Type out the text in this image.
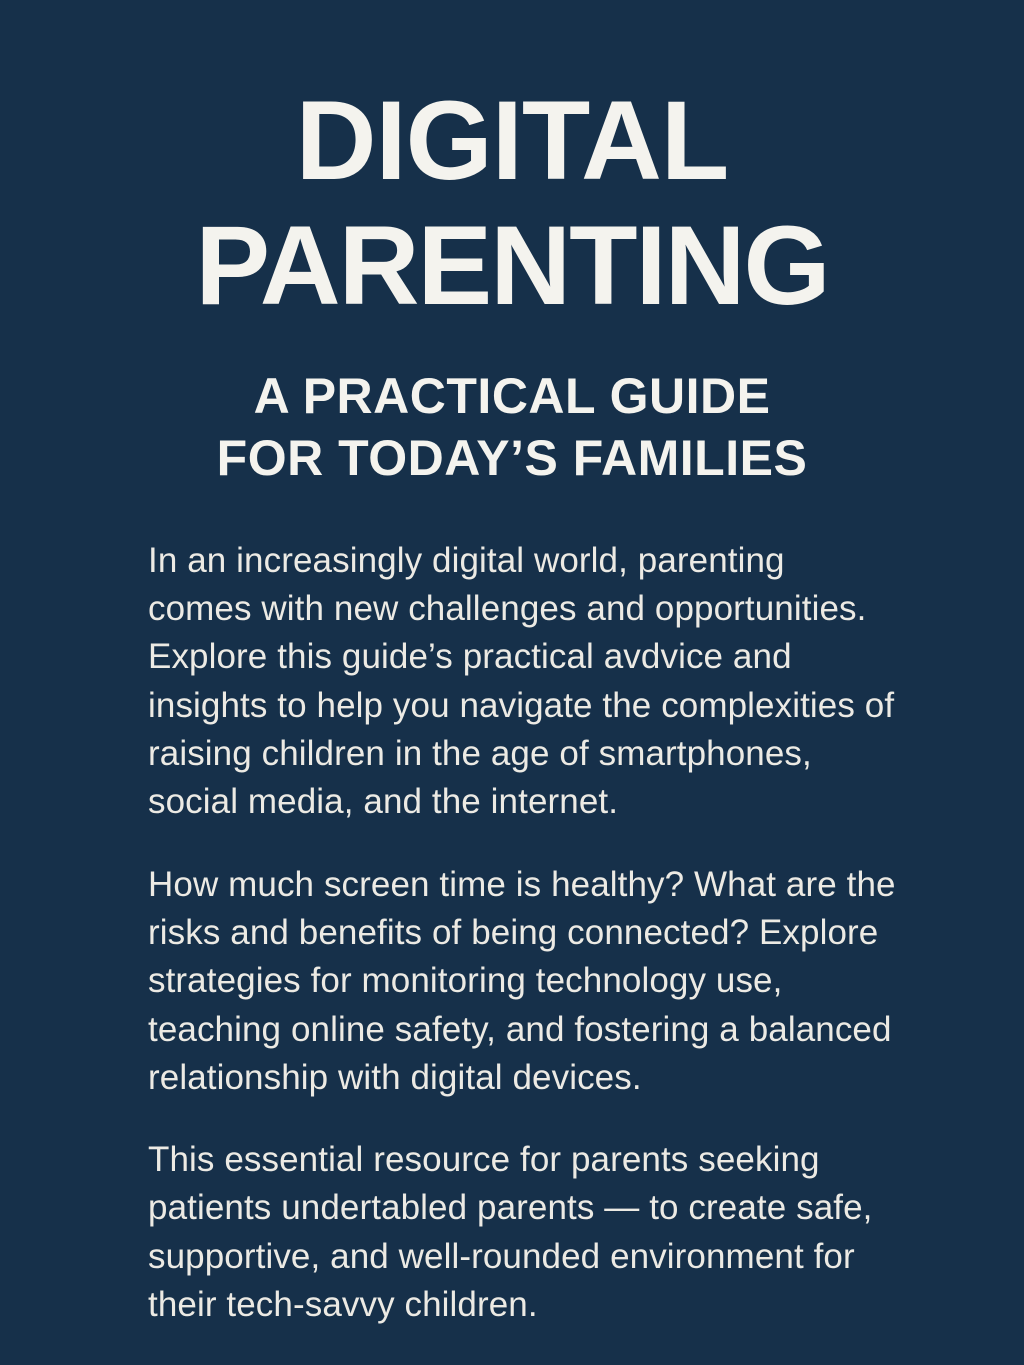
DIGITAL
PARENTING
A PRACTICAL GUIDE
FOR TODAY’S FAMILIES

In an increasingly digital world, parenting comes with new challenges and opportunities. Explore this guide’s practical avdvice and insights to help you navigate the complexities of raising children in the age of smartphones, social media, and the internet.

How much screen time is healthy? What are the risks and benefits of being connected? Explore strategies for monitoring technology use, teaching online safety, and fostering a balanced relationship with digital devices.

This essential resource for parents seeking patients undertabled parents — to create safe, supportive, and well-rounded environment for their tech-savvy children.
